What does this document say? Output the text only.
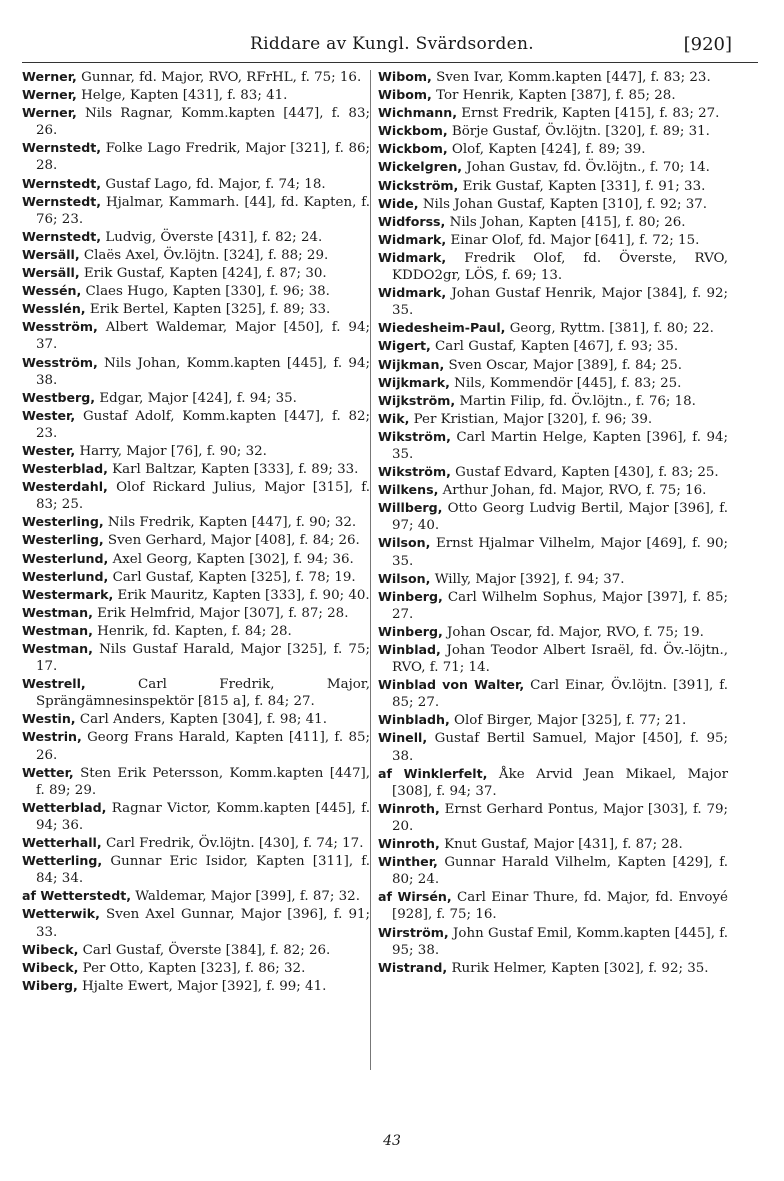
Riddare av Kungl. Svärdsorden.	[920]

Werner, Gunnar, fd. Major, RVO, RFrHL, f. 75; 16.

Werner, Helge, Kapten [431], f. 83; 41.

Werner, Nils Ragnar, Komm.kapten [447], f. 83; 26.

Wernstedt, Folke Lago Fredrik, Major [321], f. 86; 28.

Wernstedt, Gustaf Lago, fd. Major, f. 74; 18.

Wernstedt, Hjalmar, Kammarh. [44], fd. Kapten, f. 76; 23.

Wernstedt, Ludvig, Överste [431], f. 82; 24.

Wersäll, Claës Axel, Öv.löjtn. [324], f. 88; 29.

Wersäll, Erik Gustaf, Kapten [424], f. 87; 30.

Wessén, Claes Hugo, Kapten [330], f. 96; 38.

Wesslén, Erik Bertel, Kapten [325], f. 89; 33.

Wesström, Albert Waldemar, Major [450], f. 94; 37.

Wesström, Nils Johan, Komm.kapten [445], f. 94; 38.

Westberg, Edgar, Major [424], f. 94; 35.

Wester, Gustaf Adolf, Komm.kapten [447], f. 82; 23.

Wester, Harry, Major [76], f. 90; 32.

Westerblad, Karl Baltzar, Kapten [333], f. 89; 33.

Westerdahl, Olof Rickard Julius, Major [315], f. 83; 25.

Westerling, Nils Fredrik, Kapten [447], f. 90; 32.

Westerling, Sven Gerhard, Major [408], f. 84; 26.

Westerlund, Axel Georg, Kapten [302], f. 94; 36.

Westerlund, Carl Gustaf, Kapten [325], f. 78; 19.

Westermark, Erik Mauritz, Kapten [333], f. 90; 40.

Westman, Erik Helmfrid, Major [307], f. 87; 28.

Westman, Henrik, fd. Kapten, f. 84; 28.

Westman, Nils Gustaf Harald, Major [325], f. 75; 17.

Westrell,	Carl Fredrik, Major, Sprängämnesinspektör [815 a], f. 84; 27.

Westin, Carl Anders, Kapten [304], f. 98; 41.

Westrin, Georg Frans Harald, Kapten [411], f. 85; 26.

Wetter, Sten Erik Petersson, Komm.kapten [447], f. 89; 29.

Wetterblad, Ragnar Victor, Komm.kapten [445], f. 94; 36.

Wetterhall, Carl Fredrik, Öv.löjtn. [430], f. 74; 17.

Wetterling, Gunnar Eric Isidor, Kapten [311], f. 84; 34.

af Wetterstedt, Waldemar, Major [399], f. 87; 32.

Wetterwik, Sven Axel Gunnar, Major [396], f. 91; 33.

Wibeck, Carl Gustaf, Överste [384], f. 82; 26.

Wibeck, Per Otto, Kapten [323], f. 86; 32.

Wiberg, Hjalte Ewert, Major [392], f. 99; 41.

Wibom, Sven Ivar, Komm.kapten [447], f. 83; 23.

Wibom, Tor Henrik, Kapten [387], f. 85; 28.

Wichmann, Ernst Fredrik, Kapten [415], f. 83; 27.

Wickbom, Börje Gustaf, Öv.löjtn. [320], f. 89; 31.

Wickbom, Olof, Kapten [424], f. 89; 39.

Wickelgren, Johan Gustav, fd. Öv.löjtn., f. 70; 14.

Wickström, Erik Gustaf, Kapten [331], f. 91; 33.

Wide, Nils Johan Gustaf, Kapten [310], f. 92; 37.

Widforss, Nils Johan, Kapten [415], f. 80; 26.

Widmark, Einar Olof, fd. Major [641], f. 72; 15.

Widmark, Fredrik Olof, fd. Överste, RVO, KDDO2gr, LÖS, f. 69; 13.

Widmark, Johan Gustaf Henrik, Major [384], f. 92; 35.

Wiedesheim-Paul, Georg, Ryttm. [381], f. 80; 22.

Wigert, Carl Gustaf, Kapten [467], f. 93; 35.

Wijkman, Sven Oscar, Major [389], f. 84; 25.

Wijkmark, Nils, Kommendör [445], f. 83; 25.

Wijkström, Martin Filip, fd. Öv.löjtn., f. 76; 18.

Wik, Per Kristian, Major [320], f. 96; 39.

Wikström, Carl Martin Helge, Kapten [396], f. 94; 35.

Wikström, Gustaf Edvard, Kapten [430], f. 83; 25.

Wilkens, Arthur Johan, fd. Major, RVO, f. 75; 16.

Willberg, Otto Georg Ludvig Bertil, Major [396], f. 97; 40.

Wilson, Ernst Hjalmar Vilhelm, Major [469], f. 90; 35.

Wilson, Willy, Major [392], f. 94; 37.

Winberg, Carl Wilhelm Sophus, Major [397], f. 85; 27.

Winberg, Johan Oscar, fd. Major, RVO, f. 75; 19.

Winblad, Johan Teodor Albert Israël, fd. Öv.-löjtn., RVO, f. 71; 14.

Winblad von Walter, Carl Einar, Öv.löjtn. [391], f. 85; 27.

Winbladh, Olof Birger, Major [325], f. 77; 21.

Winell, Gustaf Bertil Samuel, Major [450], f. 95; 38.

af Winklerfelt, Åke Arvid Jean Mikael, Major [308], f. 94; 37.

Winroth, Ernst Gerhard Pontus, Major [303], f. 79; 20.

Winroth, Knut Gustaf, Major [431], f. 87; 28.

Winther, Gunnar Harald Vilhelm, Kapten [429], f. 80; 24.

af Wirsén, Carl Einar Thure, fd. Major, fd. Envoyé [928], f. 75; 16.

Wirström, John Gustaf Emil, Komm.kapten [445], f. 95; 38.

Wistrand, Rurik Helmer, Kapten [302], f. 92; 35.

43
